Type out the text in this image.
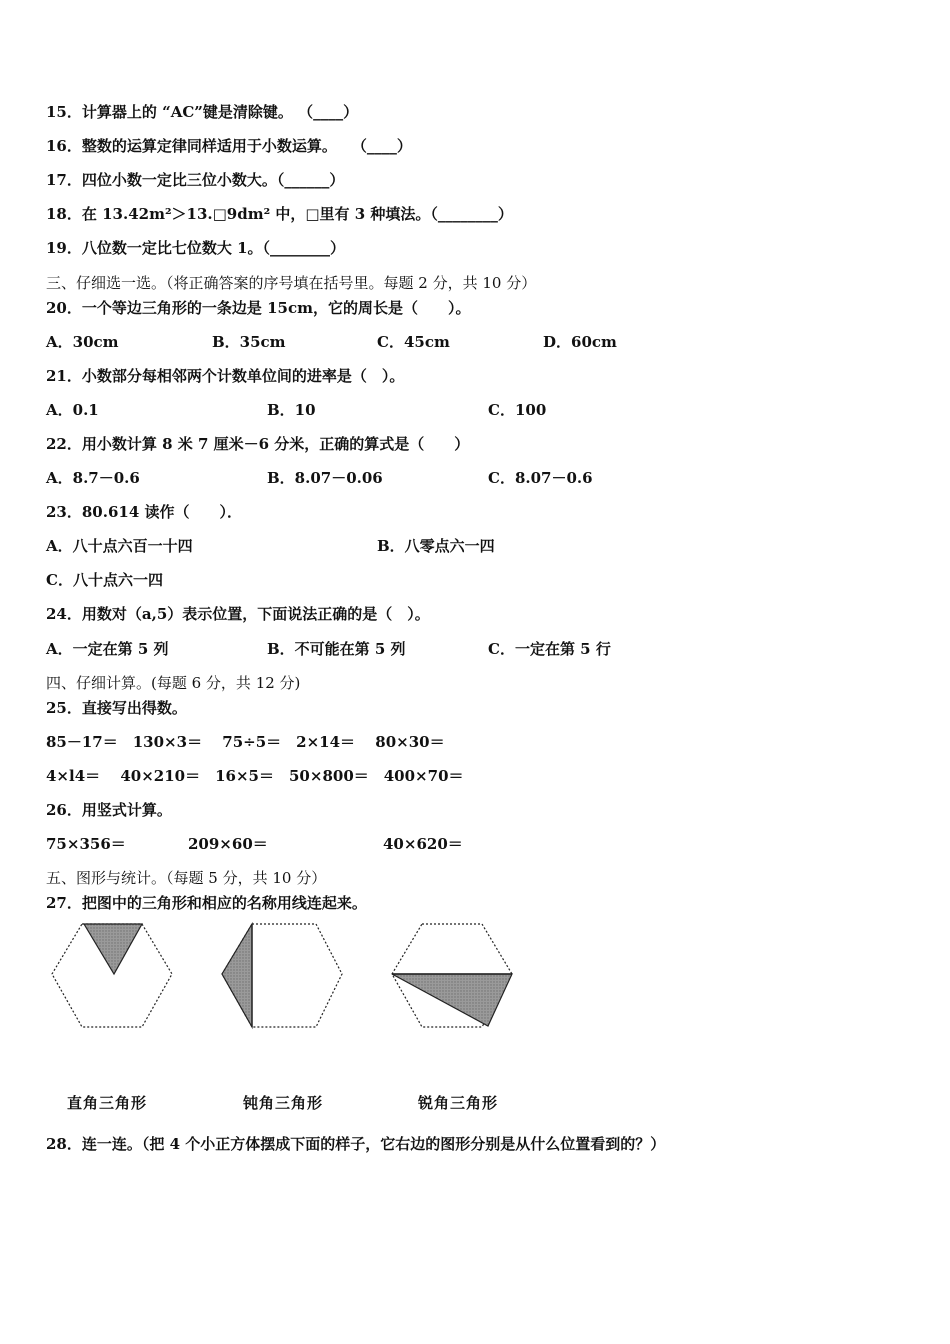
15．计算器上的 “AC”键是清除键。 （____）
16．整数的运算定律同样适用于小数运算。　　（____）
17．四位小数一定比三位小数大。（______）
18．在 13.42m²＞13.□9dm² 中，□里有 3 种填法。（________）
19．八位数一定比七位数大 1。（________）
三、仔细选一选。（将正确答案的序号填在括号里。每题 2 分，共 10 分）
20．一个等边三角形的一条边是 15cm，它的周长是（　　）。
A．30cm	B．35cm	C．45cm	D．60cm
21．小数部分每相邻两个计数单位间的进率是（　）。
A．0.1	B．10	C．100
22．用小数计算 8 米 7 厘米－6 分米，正确的算式是（　　）
A．8.7－0.6	B．8.07－0.06	C．8.07－0.6
23．80.614 读作（　　）．
A．八十点六百一十四	B．八零点六一四
C．八十点六一四
24．用数对（a,5）表示位置，下面说法正确的是（　）。
A．一定在第 5 列	B．不可能在第 5 列	C．一定在第 5 行
四、仔细计算。(每题 6 分，共 12 分)
25．直接写出得数。
85－17＝　130×3＝　 75÷5＝　2×14＝　 80×30＝
4×l4＝　 40×210＝　16×5＝　50×800＝　400×70＝
26．用竖式计算。
75×356＝	209×60＝	40×620＝
五、图形与统计。（每题 5 分，共 10 分）
27．把图中的三角形和相应的名称用线连起来。
直角三角形	钝角三角形	锐角三角形
28．连一连。（把 4 个小正方体摆成下面的样子，它右边的图形分别是从什么位置看到的？）
